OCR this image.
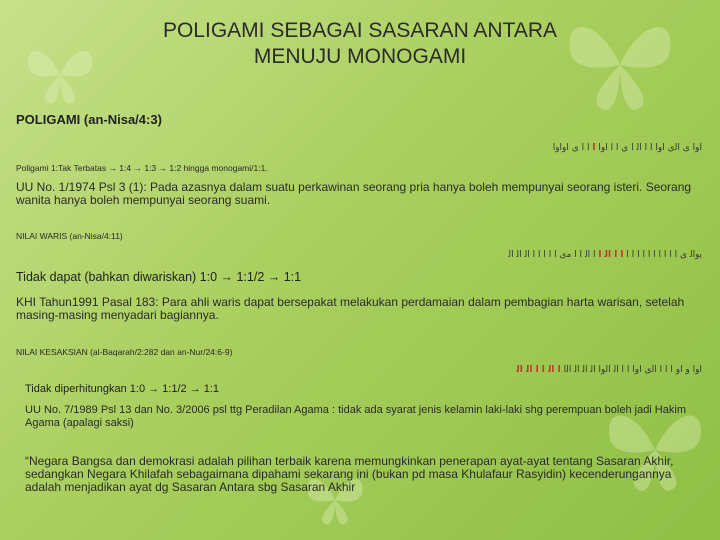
POLIGAMI SEBAGAI SASARAN ANTARA
MENUJU MONOGAMI
POLIGAMI (an-Nisa/4:3)
ﺍﻭﺍ ﻯ ﺍﻟﻯ ﺍﻭﺍ ﺍ ﺍ ﺍﻟ ﺍ ﻯ ﺍ ﺍ ﺍﻭﺍ ﺍ ﺍ ﺍ ﻯ ﺍﻭﺍﻭﺍ
Poligami 1:Tak Terbatas → 1:4 → 1:3 → 1:2 hingga monogami/1:1.
UU No. 1/1974 Psl 3 (1): Pada azasnya dalam suatu perkawinan seorang pria hanya boleh mempunyai seorang isteri. Seorang wanita hanya boleh mempunyai seorang suami.
NILAI WARIS (an-Nisa/4:11)
ﻳﻭﺍﻟ ﻯ ﺍ ﺍ ﺍ ﺍ ﺍ ﺍ ﺍ ﺍ ﺍ ﺍ ﺍ ﺍ ﺍﻟ ﺍ ﺍ ﺍﻟ ﺍ ﺍ ﻣﻯ ﺍ ﺍ ﺍ ﺍ ﺍ ﺍﻟ ﺍﻟ ﺍﻟ
Tidak dapat (bahkan diwariskan) 1:0 → 1:1/2 → 1:1
KHI Tahun1991 Pasal 183: Para ahli waris dapat bersepakat melakukan perdamaian dalam pembagian harta warisan, setelah masing-masing menyadari bagiannya.
NILAI KESAKSIAN (al-Baqarah/2:282 dan an-Nur/24:6-9)
ﺍﻭﺍ ﻭ ﺍﻭ ﺍ ﺍ ﺍ ﺍﻟﻯ ﺍﻭﺍ ﺍ ﺍ ﺍﻟ ﺍﻟﻭﺍ ﺍﻟ ﺍﻟ ﺍﻟ ﺍﻟﺍ ﺍ ﺍﻟ ﺍ ﺍ ﺍﻟ ﺍﻟ
Tidak diperhitungkan 1:0 → 1:1/2 → 1:1
UU No. 7/1989 Psl 13 dan No. 3/2006 psl ttg Peradilan Agama : tidak ada syarat jenis kelamin laki-laki shg perempuan boleh jadi Hakim Agama (apalagi saksi)
“Negara Bangsa dan demokrasi adalah pilihan terbaik karena memungkinkan penerapan ayat-ayat tentang Sasaran Akhir, sedangkan Negara Khilafah sebagaimana dipahami sekarang ini (bukan pd masa Khulafaur Rasyidin) kecenderungannya adalah menjadikan ayat dg Sasaran Antara sbg Sasaran Akhir
